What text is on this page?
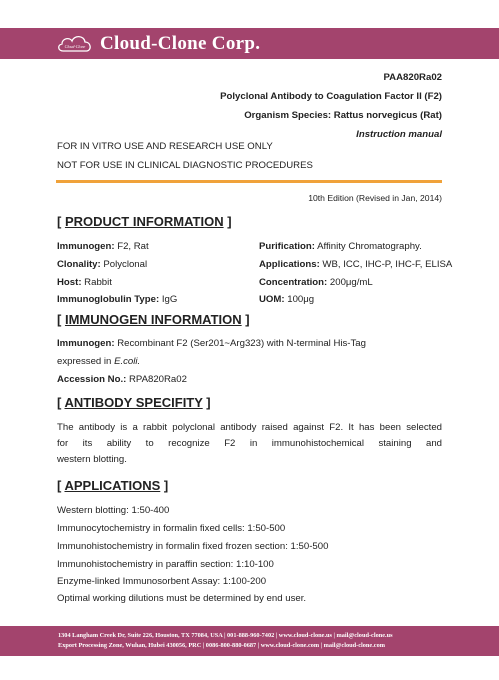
Cloud-Clone Cloud-Clone Corp.
PAA820Ra02
Polyclonal Antibody to Coagulation Factor II (F2)
Organism Species: Rattus norvegicus (Rat)
Instruction manual
FOR IN VITRO USE AND RESEARCH USE ONLY
NOT FOR USE IN CLINICAL DIAGNOSTIC PROCEDURES
10th Edition (Revised in Jan, 2014)
[ PRODUCT INFORMATION ]
Immunogen: F2, Rat
Clonality: Polyclonal
Host: Rabbit
Immunoglobulin Type: IgG
Purification: Affinity Chromatography.
Applications: WB, ICC, IHC-P, IHC-F, ELISA
Concentration: 200μg/mL
UOM: 100μg
[ IMMUNOGEN INFORMATION ]
Immunogen: Recombinant F2 (Ser201~Arg323) with N-terminal His-Tag
expressed in E.coli.
Accession No.: RPA820Ra02
[ ANTIBODY SPECIFITY ]
The antibody is a rabbit polyclonal antibody raised against F2. It has been selected
for its ability to recognize F2 in immunohistochemical staining and
western blotting.
[ APPLICATIONS ]
Western blotting: 1:50-400
Immunocytochemistry in formalin fixed cells: 1:50-500
Immunohistochemistry in formalin fixed frozen section: 1:50-500
Immunohistochemistry in paraffin section: 1:10-100
Enzyme-linked Immunosorbent Assay: 1:100-200
Optimal working dilutions must be determined by end user.
1304 Langham Creek Dr, Suite 226, Houston, TX 77084, USA | 001-888-960-7402 | www.cloud-clone.us | mail@cloud-clone.us
Export Processing Zone, Wuhan, Hubei 430056, PRC | 0086-800-880-0687 | www.cloud-clone.com | mail@cloud-clone.com
